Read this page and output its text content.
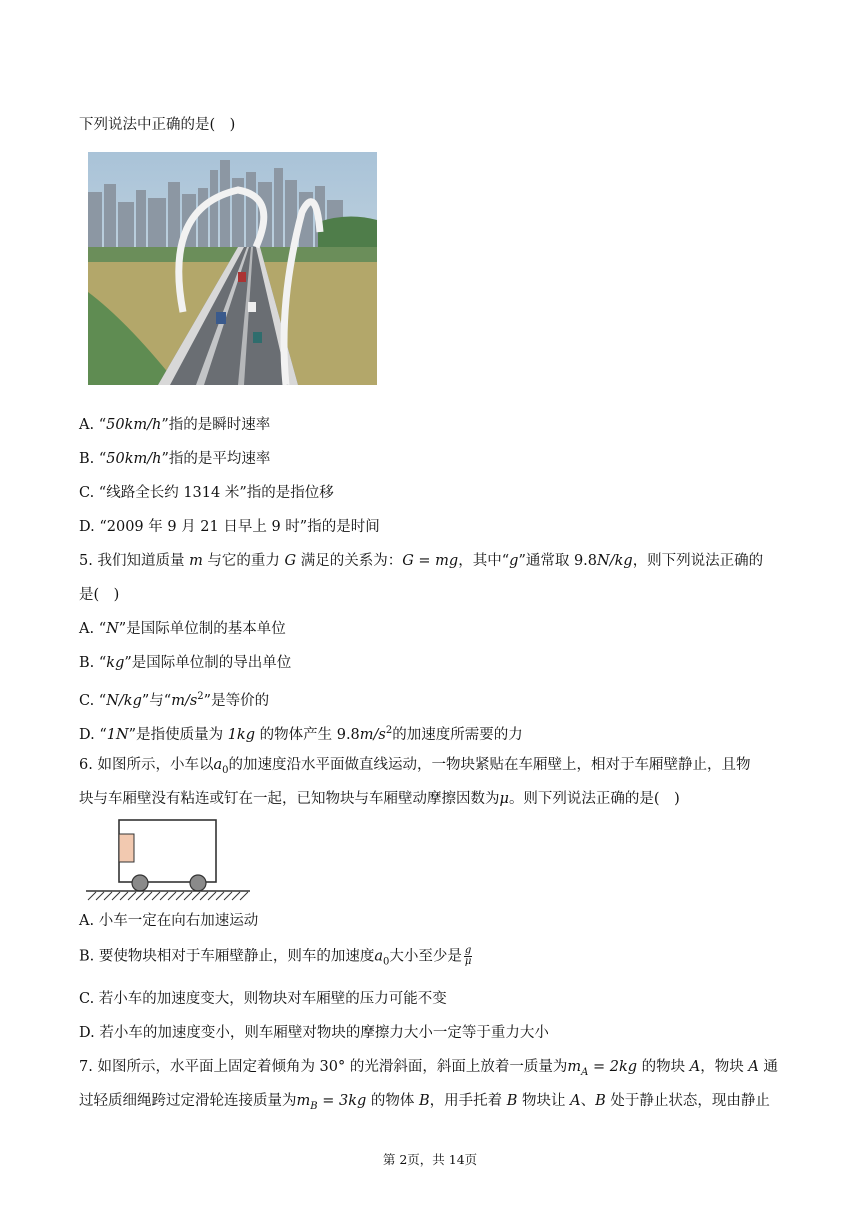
下列说法中正确的是( )
A. “50km/h”指的是瞬时速率
B. “50km/h”指的是平均速率
C. “线路全长约 1314 米”指的是指位移
D. “2009 年 9 月 21 日早上 9 时”指的是时间
5. 我们知道质量 m 与它的重力 G 满足的关系为：G = mg，其中“g”通常取 9.8N/kg，则下列说法正确的
是( )
A. “N”是国际单位制的基本单位
B. “kg”是国际单位制的导出单位
C. “N/kg”与“$m/s^2$”是等价的
D. “1N”是指使质量为 1kg 的物体产生 $9.8m/s^2$的加速度所需要的力
6. 如图所示，小车以$a_0$的加速度沿水平面做直线运动，一物块紧贴在车厢壁上，相对于车厢壁静止，且物
块与车厢壁没有粘连或钉在一起，已知物块与车厢壁动摩擦因数为μ。则下列说法正确的是( )
A. 小车一定在向右加速运动
B. 要使物块相对于车厢壁静止，则车的加速度$a_0$大小至少是 $\frac{g}{\mu}$
C. 若小车的加速度变大，则物块对车厢壁的压力可能不变
D. 若小车的加速度变小，则车厢壁对物块的摩擦力大小一定等于重力大小
7. 如图所示，水平面上固定着倾角为 30° 的光滑斜面，斜面上放着一质量为$m_A = 2kg$ 的物块 A，物块 A 通
过轻质细绳跨过定滑轮连接质量为$m_B = 3kg$ 的物体 B，用手托着 B 物块让 A、B 处于静止状态，现由静止
第 2页，共 14页
